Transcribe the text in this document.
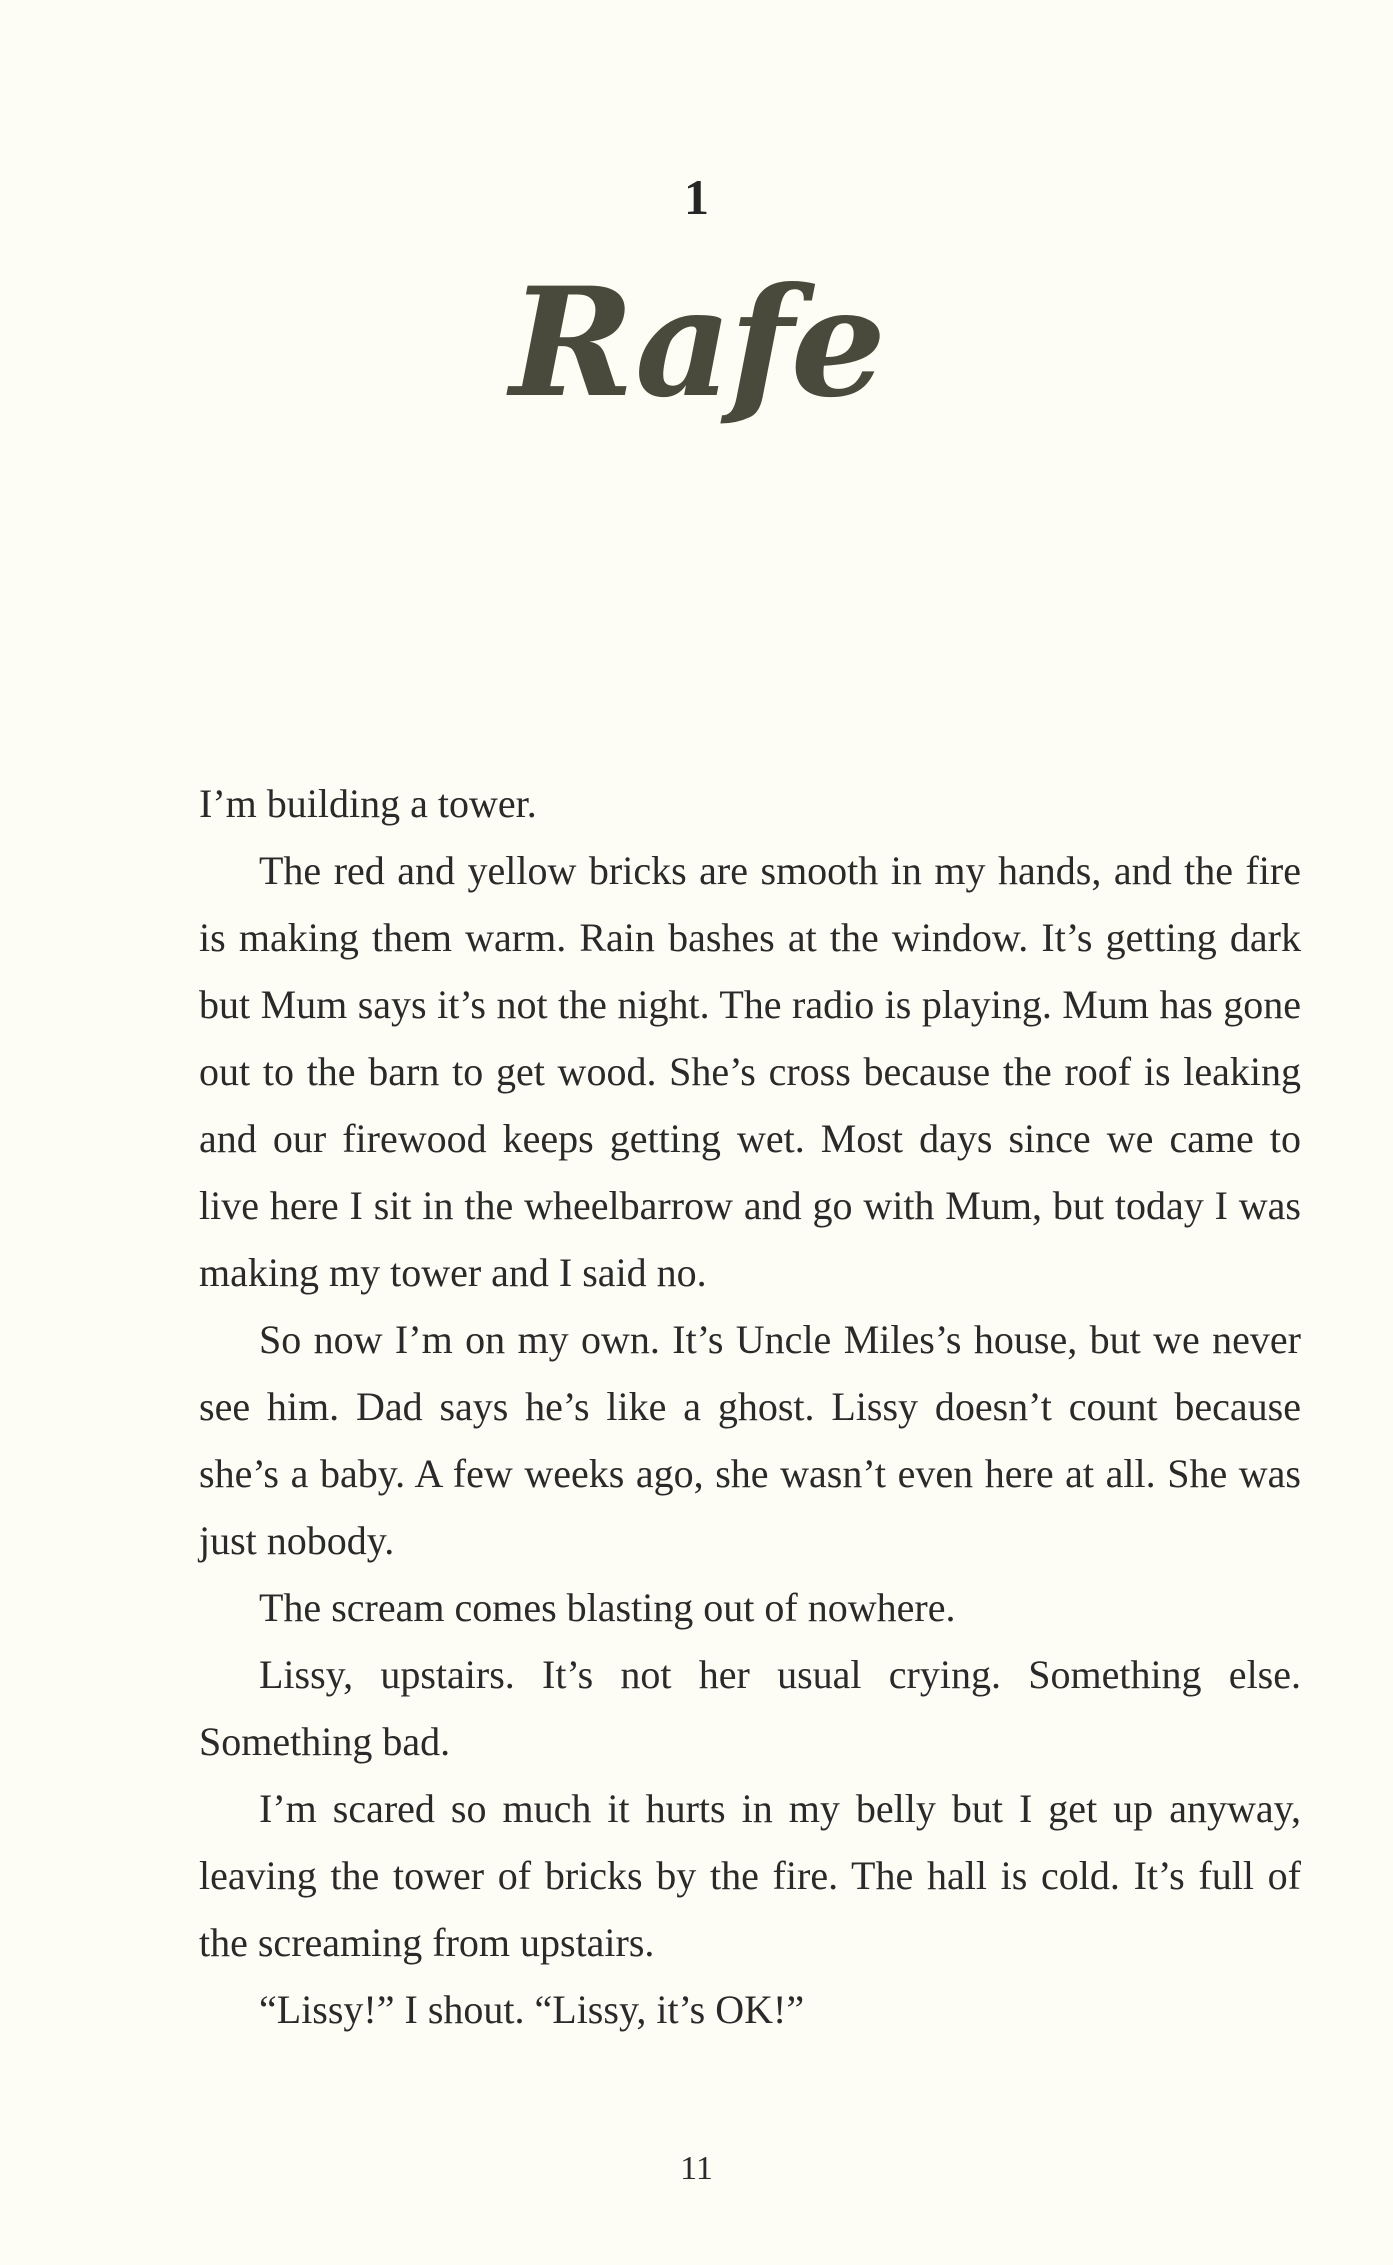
1
Rafe

I’m building a tower.

The red and yellow bricks are smooth in my hands, and the fire is making them warm. Rain bashes at the window. It’s getting dark but Mum says it’s not the night. The radio is playing. Mum has gone out to the barn to get wood. She’s cross because the roof is leaking and our firewood keeps getting wet. Most days since we came to live here I sit in the wheelbarrow and go with Mum, but today I was making my tower and I said no.

So now I’m on my own. It’s Uncle Miles’s house, but we never see him. Dad says he’s like a ghost. Lissy doesn’t count because she’s a baby. A few weeks ago, she wasn’t even here at all. She was just nobody.

The scream comes blasting out of nowhere.

Lissy, upstairs. It’s not her usual crying. Something else. Something bad.

I’m scared so much it hurts in my belly but I get up anyway, leaving the tower of bricks by the fire. The hall is cold. It’s full of the screaming from upstairs.

“Lissy!” I shout. “Lissy, it’s OK!”

11
